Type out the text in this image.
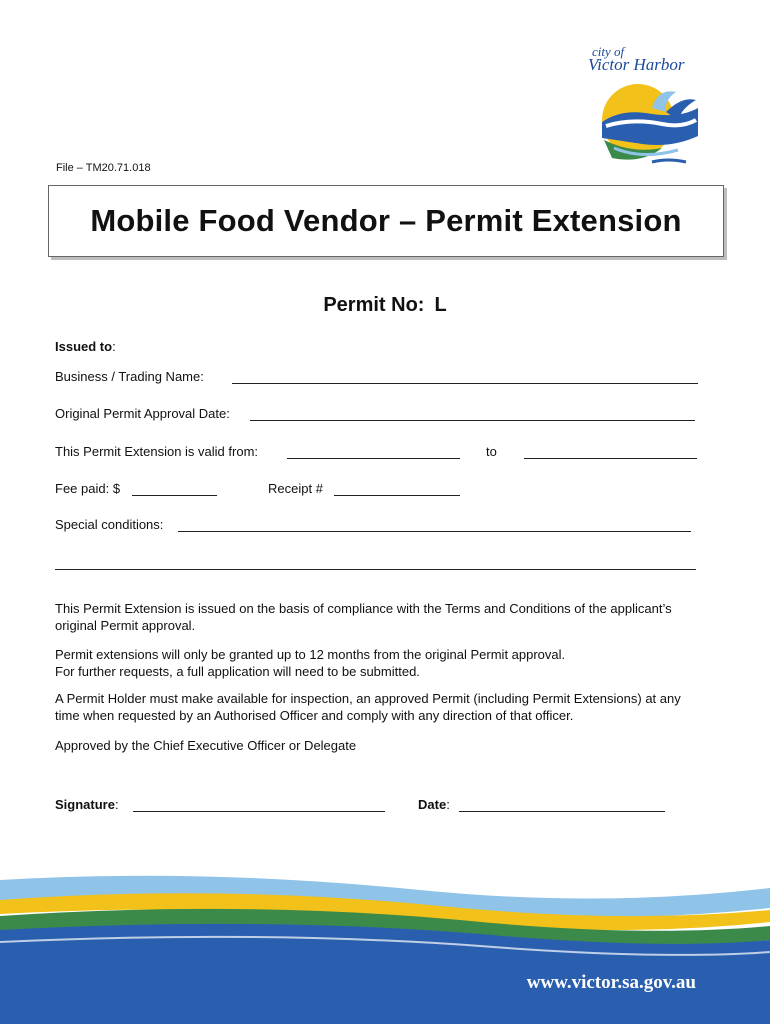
city of
Victor Harbor
File – TM20.71.018
Mobile Food Vendor – Permit Extension
Permit No: L
Issued to:
Business / Trading Name:
Original Permit Approval Date:
This Permit Extension is valid from:	to
Fee paid: $	Receipt #
Special conditions:

This Permit Extension is issued on the basis of compliance with the Terms and Conditions of the applicant’s original Permit approval.

Permit extensions will only be granted up to 12 months from the original Permit approval.

For further requests, a full application will need to be submitted.

A Permit Holder must make available for inspection, an approved Permit (including Permit Extensions) at any time when requested by an Authorised Officer and comply with any direction of that officer.

Approved by the Chief Executive Officer or Delegate

Signature:	Date:
www.victor.sa.gov.au
